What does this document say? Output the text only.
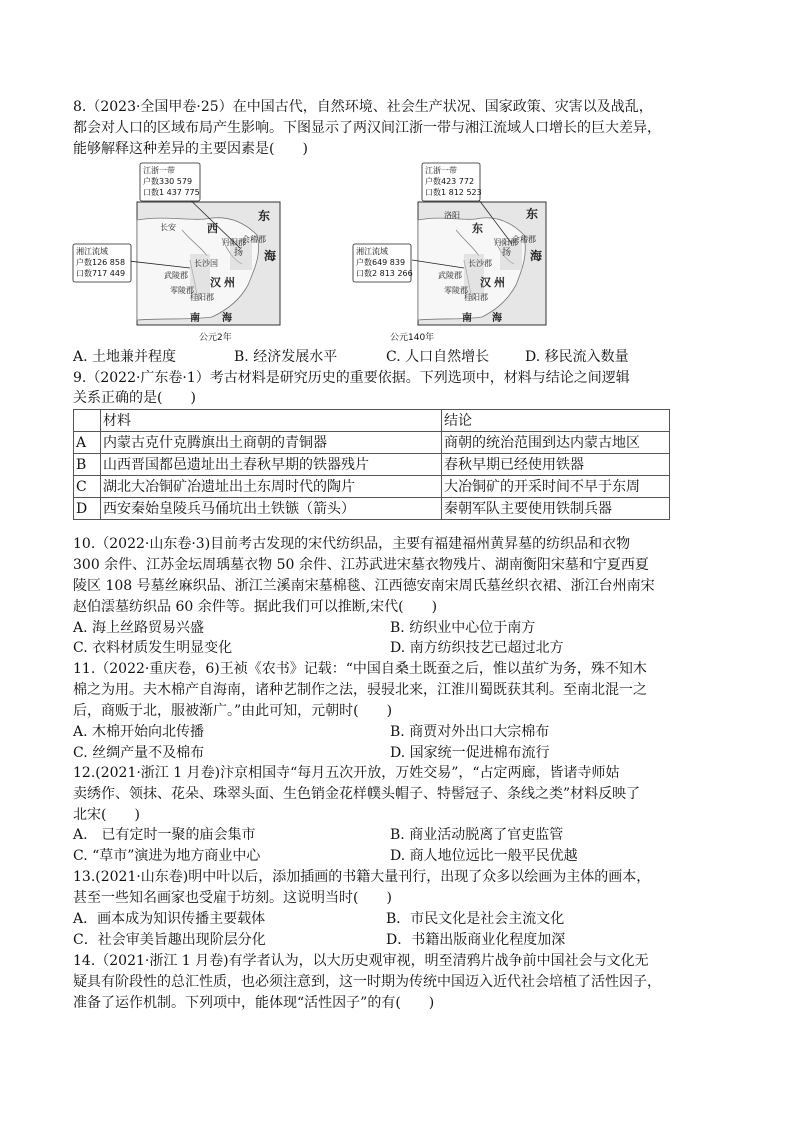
8.（2023·全国甲卷·25）在中国古代，自然环境、社会生产状况、国家政策、灾害以及战乱，
都会对人口的区域布局产生影响。下图显示了两汉间江浙一带与湘江流域人口增长的巨大差异，
能够解释这种差异的主要因素是(　　)
长安	西
东
海
扬
丹阳郡
会稽郡
长沙国
汉 州
武陵郡
零陵郡
桂阳郡
南 海
江浙一带
户数330 579
口数1 437 775
湘江流域
户数126 858
口数717 449
公元2年
洛阳
东
东
海
扬
丹阳郡
会稽郡
长沙郡
汉 州
武陵郡
零陵郡
桂阳郡
南 海
江浙一带
户数423 772
口数1 812 523
湘江流域
户数649 839
口数2 813 266
公元140年
A. 土地兼并程度	B. 经济发展水平	C. 人口自然增长	D. 移民流入数量
9.（2022·广东卷·1）考古材料是研究历史的重要依据。下列选项中，材料与结论之间逻辑
关系正确的是(　　)
	材料	结论
A	内蒙古克什克腾旗出土商朝的青铜器	商朝的统治范围到达内蒙古地区
B	山西晋国都邑遗址出土春秋早期的铁器残片	春秋早期已经使用铁器
C	湖北大冶铜矿冶遗址出土东周时代的陶片	大冶铜矿的开采时间不早于东周
D	西安秦始皇陵兵马俑坑出土铁镞（箭头）	秦朝军队主要使用铁制兵器
10.（2022·山东卷·3)目前考古发现的宋代纺织品，主要有福建福州黄昇墓的纺织品和衣物
300 余件、江苏金坛周瑀墓衣物 50 余件、江苏武进宋墓衣物残片、湖南衡阳宋墓和宁夏西夏
陵区 108 号墓丝麻织品、浙江兰溪南宋墓棉毯、江西德安南宋周氏墓丝织衣裙、浙江台州南宋
赵伯澐墓纺织品 60 余件等。据此我们可以推断,宋代(　　)
A. 海上丝路贸易兴盛	B. 纺织业中心位于南方
C. 衣料材质发生明显变化	D. 南方纺织技艺已超过北方
11.（2022·重庆卷，6)王祯《农书》记载：“中国自桑土既蚕之后，惟以茧纩为务，殊不知木
棉之为用。夫木棉产自海南，诸种艺制作之法，骎骎北来，江淮川蜀既获其利。至南北混一之
后，商贩于北，服被渐广。”由此可知，元朝时(　　)
A. 木棉开始向北传播	B. 商贾对外出口大宗棉布
C. 丝绸产量不及棉布	D. 国家统一促进棉布流行
12.(2021·浙江 1 月卷)汴京相国寺“每月五次开放，万姓交易”，“占定两廊，皆诸寺师姑
卖绣作、领抹、花朵、珠翠头面、生色销金花样幞头帽子、特髻冠子、条线之类”材料反映了
北宋(　　)
A.　已有定时一聚的庙会集市	B. 商业活动脱离了官吏监管
C. “草市”演进为地方商业中心	D. 商人地位远比一般平民优越
13.(2021·山东卷)明中叶以后，添加插画的书籍大量刊行，出现了众多以绘画为主体的画本，
甚至一些知名画家也受雇于坊刻。这说明当时(　　)
A．画本成为知识传播主要载体	B．市民文化是社会主流文化
C．社会审美旨趣出现阶层分化	D．书籍出版商业化程度加深
14.（2021·浙江 1 月卷)有学者认为，以大历史观审视，明至清鸦片战争前中国社会与文化无
疑具有阶段性的总汇性质，也必须注意到，这一时期为传统中国迈入近代社会培植了活性因子，
准备了运作机制。下列项中，能体现“活性因子”的有(　　)
